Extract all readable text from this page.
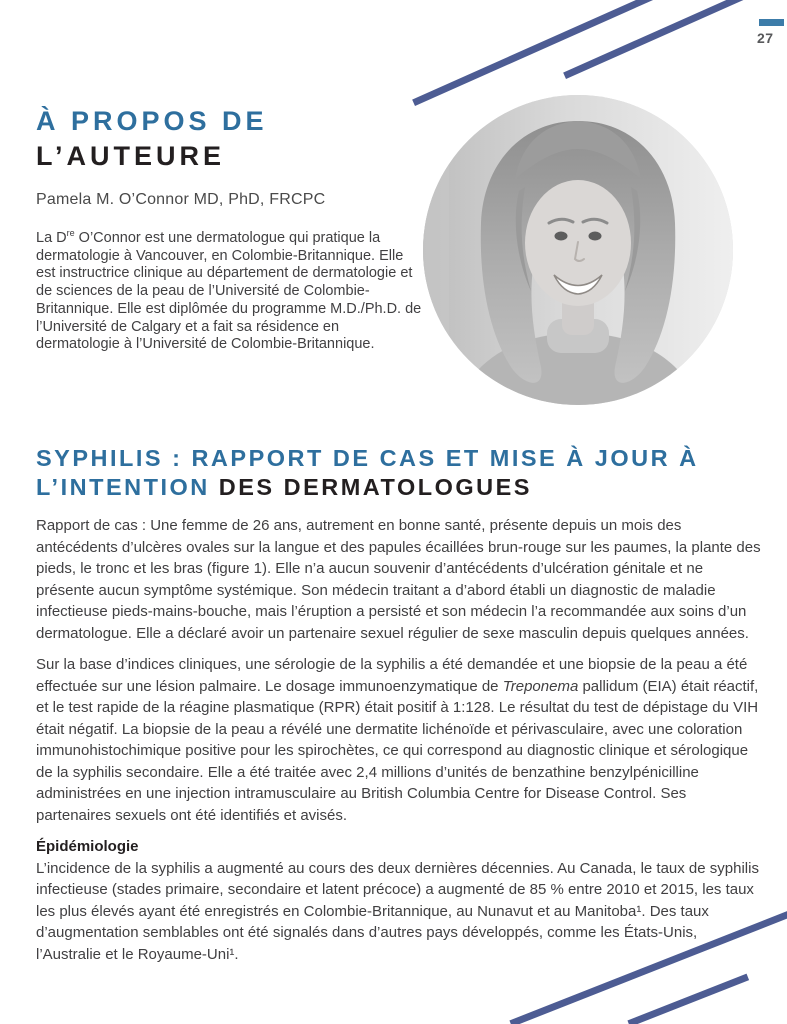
27
À PROPOS DE
L’AUTEURE
Pamela M. O’Connor MD, PhD, FRCPC
La Dre O’Connor est une dermatologue qui pratique la dermatologie à Vancouver, en Colombie-Britannique. Elle est instructrice clinique au département de dermatologie et de sciences de la peau de l’Université de Colombie-Britannique. Elle est diplômée du programme M.D./Ph.D. de l’Université de Calgary et a fait sa résidence en dermatologie à l’Université de Colombie-Britannique.
SYPHILIS : RAPPORT DE CAS ET MISE À JOUR À
L’INTENTION DES DERMATOLOGUES

Rapport de cas : Une femme de 26 ans, autrement en bonne santé, présente depuis un mois des antécédents d’ulcères ovales sur la langue et des papules écaillées brun-rouge sur les paumes, la plante des pieds, le tronc et les bras (figure 1). Elle n’a aucun souvenir d’antécédents d’ulcération génitale et ne présente aucun symptôme systémique. Son médecin traitant a d’abord établi un diagnostic de maladie infectieuse pieds-mains-bouche, mais l’éruption a persisté et son médecin l’a recommandée aux soins d’un dermatologue. Elle a déclaré avoir un partenaire sexuel régulier de sexe masculin depuis quelques années.

Sur la base d’indices cliniques, une sérologie de la syphilis a été demandée et une biopsie de la peau a été effectuée sur une lésion palmaire. Le dosage immunoenzymatique de Treponema pallidum (EIA) était réactif, et le test rapide de la réagine plasmatique (RPR) était positif à 1:128. Le résultat du test de dépistage du VIH était négatif. La biopsie de la peau a révélé une dermatite lichénoïde et périvasculaire, avec une coloration immunohistochimique positive pour les spirochètes, ce qui correspond au diagnostic clinique et sérologique de la syphilis secondaire. Elle a été traitée avec 2,4 millions d’unités de benzathine benzylpénicilline administrées en une injection intramusculaire au British Columbia Centre for Disease Control. Ses partenaires sexuels ont été identifiés et avisés.

Épidémiologie

L’incidence de la syphilis a augmenté au cours des deux dernières décennies. Au Canada, le taux de syphilis infectieuse (stades primaire, secondaire et latent précoce) a augmenté de 85 % entre 2010 et 2015, les taux les plus élevés ayant été enregistrés en Colombie-Britannique, au Nunavut et au Manitoba¹. Des taux d’augmentation semblables ont été signalés dans d’autres pays développés, comme les États-Unis, l’Australie et le Royaume-Uni¹.
